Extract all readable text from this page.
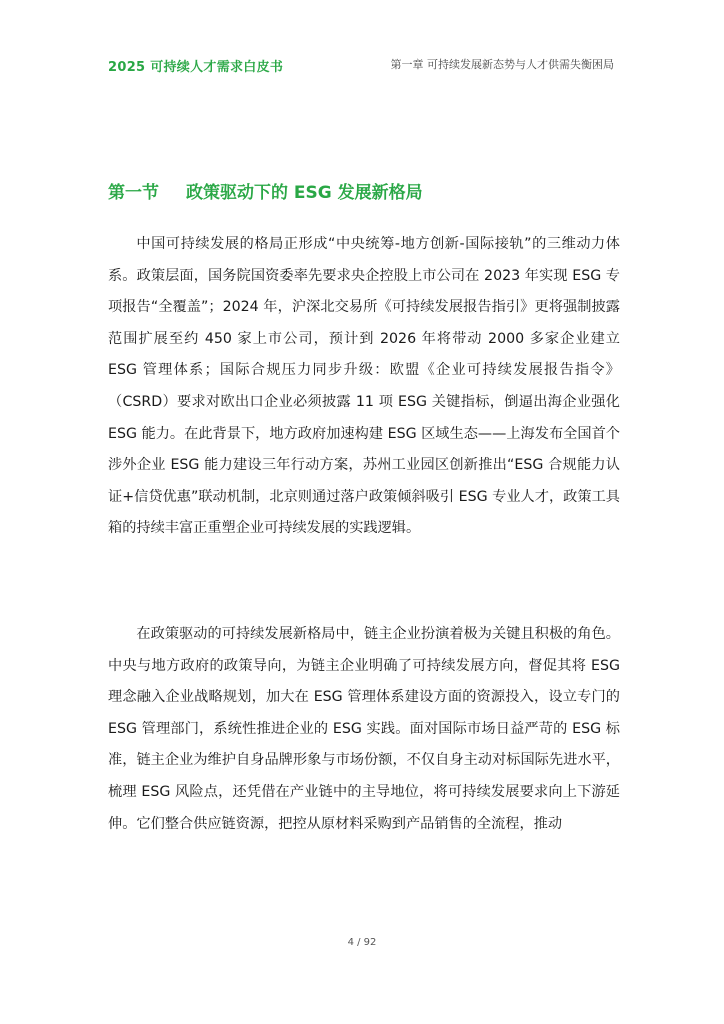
2025 可持续人才需求白皮书	第一章 可持续发展新态势与人才供需失衡困局
第一节 政策驱动下的 ESG 发展新格局

中国可持续发展的格局正形成“中央统筹-地方创新-国际接轨”的三维动力体系。政策层面，国务院国资委率先要求央企控股上市公司在 2023 年实现 ESG 专项报告“全覆盖”；2024 年，沪深北交易所《可持续发展报告指引》更将强制披露范围扩展至约 450 家上市公司，预计到 2026 年将带动 2000 多家企业建立 ESG 管理体系；国际合规压力同步升级：欧盟《企业可持续发展报告指令》（CSRD）要求对欧出口企业必须披露 11 项 ESG 关键指标，倒逼出海企业强化 ESG 能力。在此背景下，地方政府加速构建 ESG 区域生态——上海发布全国首个涉外企业 ESG 能力建设三年行动方案，苏州工业园区创新推出“ESG 合规能力认证+信贷优惠”联动机制，北京则通过落户政策倾斜吸引 ESG 专业人才，政策工具箱的持续丰富正重塑企业可持续发展的实践逻辑。

在政策驱动的可持续发展新格局中，链主企业扮演着极为关键且积极的角色。中央与地方政府的政策导向，为链主企业明确了可持续发展方向，督促其将 ESG 理念融入企业战略规划，加大在 ESG 管理体系建设方面的资源投入，设立专门的 ESG 管理部门，系统性推进企业的 ESG 实践。面对国际市场日益严苛的 ESG 标准，链主企业为维护自身品牌形象与市场份额，不仅自身主动对标国际先进水平，梳理 ESG 风险点，还凭借在产业链中的主导地位，将可持续发展要求向上下游延伸。它们整合供应链资源，把控从原材料采购到产品销售的全流程，推动

4 / 92
